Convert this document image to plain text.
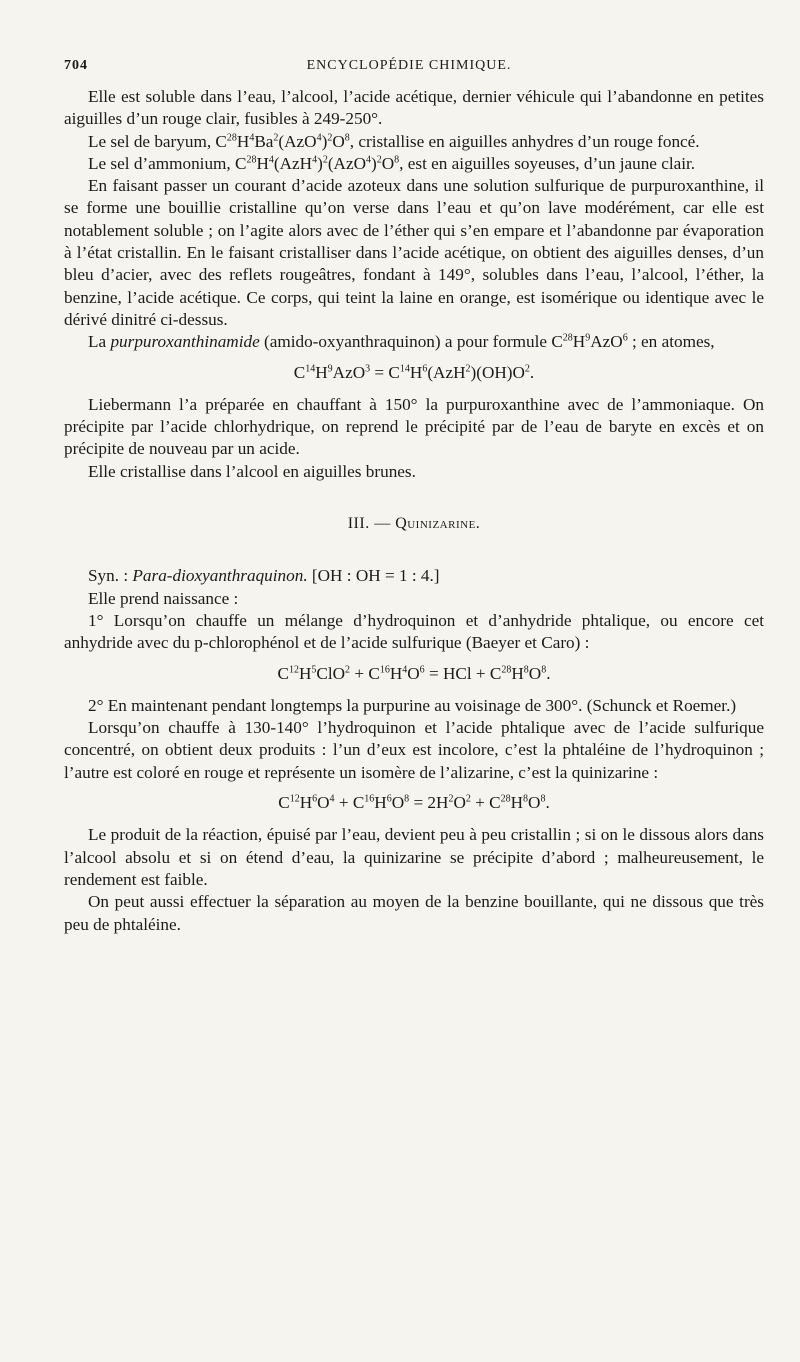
704	ENCYCLOPÉDIE CHIMIQUE.

Elle est soluble dans l’eau, l’alcool, l’acide acétique, dernier véhicule qui l’abandonne en petites aiguilles d’un rouge clair, fusibles à 249-250°.

Le sel de baryum, $C^{28}H^4Ba^2(AzO^4)^2O^8$, cristallise en aiguilles anhydres d’un rouge foncé.

Le sel d’ammonium, $C^{28}H^4(AzH^4)^2(AzO^4)^2O^8$, est en aiguilles soyeuses, d’un jaune clair.

En faisant passer un courant d’acide azoteux dans une solution sulfurique de purpuroxanthine, il se forme une bouillie cristalline qu’on verse dans l’eau et qu’on lave modérément, car elle est notablement soluble ; on l’agite alors avec de l’éther qui s’en empare et l’abandonne par évaporation à l’état cristallin. En le faisant cristalliser dans l’acide acétique, on obtient des aiguilles denses, d’un bleu d’acier, avec des reflets rougeâtres, fondant à 149°, solubles dans l’eau, l’alcool, l’éther, la benzine, l’acide acétique. Ce corps, qui teint la laine en orange, est isomérique ou identique avec le dérivé dinitré ci-dessus.

La purpuroxanthinamide (amido-oxyanthraquinon) a pour formule $C^{28}H^9AzO^6$ ; en atomes,

$C^{14}H^9AzO^3 = C^{14}H^6(AzH^2)(OH)O^2$.

Liebermann l’a préparée en chauffant à 150° la purpuroxanthine avec de l’ammoniaque. On précipite par l’acide chlorhydrique, on reprend le précipité par de l’eau de baryte en excès et on précipite de nouveau par un acide.

Elle cristallise dans l’alcool en aiguilles brunes.

III. — Quinizarine.

Syn. : Para-dioxyanthraquinon. [OH : OH = 1 : 4.]

Elle prend naissance :

1° Lorsqu’on chauffe un mélange d’hydroquinon et d’anhydride phtalique, ou encore cet anhydride avec du p-chlorophénol et de l’acide sulfurique (Baeyer et Caro) :

$C^{12}H^5ClO^2 + C^{16}H^4O^6$ = HCl + $C^{28}H^8O^8$.

2° En maintenant pendant longtemps la purpurine au voisinage de 300°. (Schunck et Roemer.)

Lorsqu’on chauffe à 130-140° l’hydroquinon et l’acide phtalique avec de l’acide sulfurique concentré, on obtient deux produits : l’un d’eux est incolore, c’est la phtaléine de l’hydroquinon ; l’autre est coloré en rouge et représente un isomère de l’alizarine, c’est la quinizarine :

$C^{12}H^6O^4 + C^{16}H^6O^8 = 2H^2O^2 + C^{28}H^8O^8$.

Le produit de la réaction, épuisé par l’eau, devient peu à peu cristallin ; si on le dissous alors dans l’alcool absolu et si on étend d’eau, la quinizarine se précipite d’abord ; malheureusement, le rendement est faible.

On peut aussi effectuer la séparation au moyen de la benzine bouillante, qui ne dissous que très peu de phtaléine.
